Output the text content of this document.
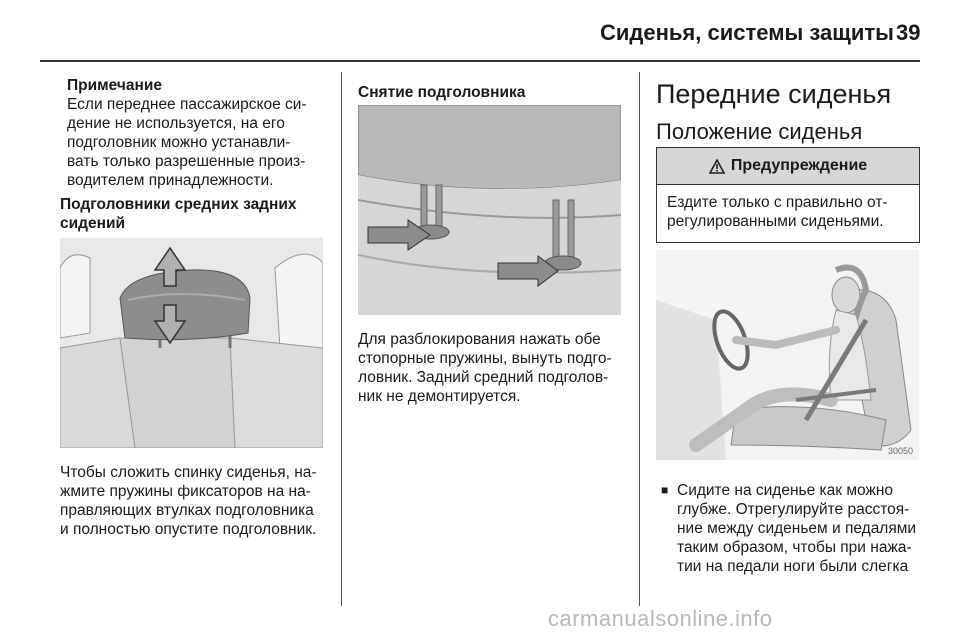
Сиденья, системы защиты 39
Примечание
Если переднее пассажирское си-
дение не используется, на его
подголовник можно устанавли-
вать только разрешенные произ-
водителем принадлежности.
Подголовники средних задних
сидений
Чтобы сложить спинку сиденья, на-
жмите пружины фиксаторов на на-
правляющих втулках подголовника
и полностью опустите подголовник.
Снятие подголовника
Для разблокирования нажать обе
стопорные пружины, вынуть подго-
ловник. Задний средний подголов-
ник не демонтируется.
Передние сиденья
Положение сиденья
Предупреждение
Ездите только с правильно от-
регулированными сиденьями.
30050
■ Сидите на сиденье как можно
глубже. Отрегулируйте расстоя-
ние между сиденьем и педалями
таким образом, чтобы при нажа-
тии на педали ноги были слегка
carmanualsonline.info
